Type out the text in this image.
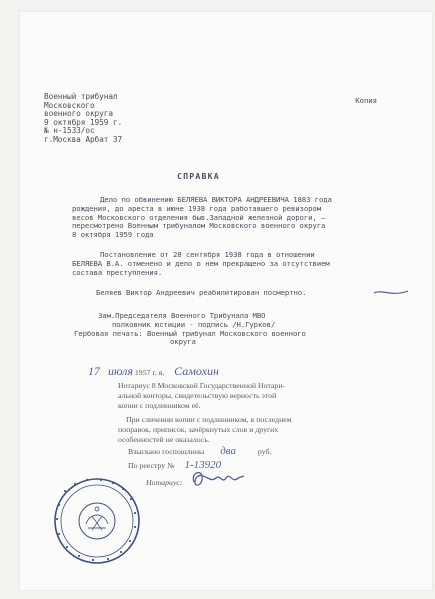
Копия
Военный трибунал
Московского
военного округа
9 октября 1959 г.
№ н-1533/ос
г.Москва Арбат 37
СПРАВКА
Дело по обвинению БЕЛЯЕВА ВИКТОРА АНДРЕЕВИЧА 1883 года
рождения, до ареста в июне 1938 года работавшего ревизором
весов Московского отделения быв.Западной железной дороги, —
пересмотрено Военным трибуналом Московского военного округа
8 октября 1959 года
Постановление от 28 сентября 1938 года в отношении
БЕЛЯЕВА В.А. отменено и дело о нем прекращено за отсутствием
состава преступления.
Беляев Виктор Андреевич реабилитирован посмертно.
Зам.Председателя Военного Трибунала МВО
полковник юстиции - подпись /Н.Гурков/
Гербовая печать: Военный трибунал Московского военного
округа
17 июля 1957 г. я, Самохин
Нотариус 8 Московской Государственной Нотари-
альной конторы, свидетельствую верность этой
копии с подлинником её.
При сличении копии с подлинником, в последнем
поправок, приписок, зачёркнутых слов и других
особенностей не оказалось.
Взыскано госпошлины два	руб.
По реестру № 1-13920
Нотариус:
